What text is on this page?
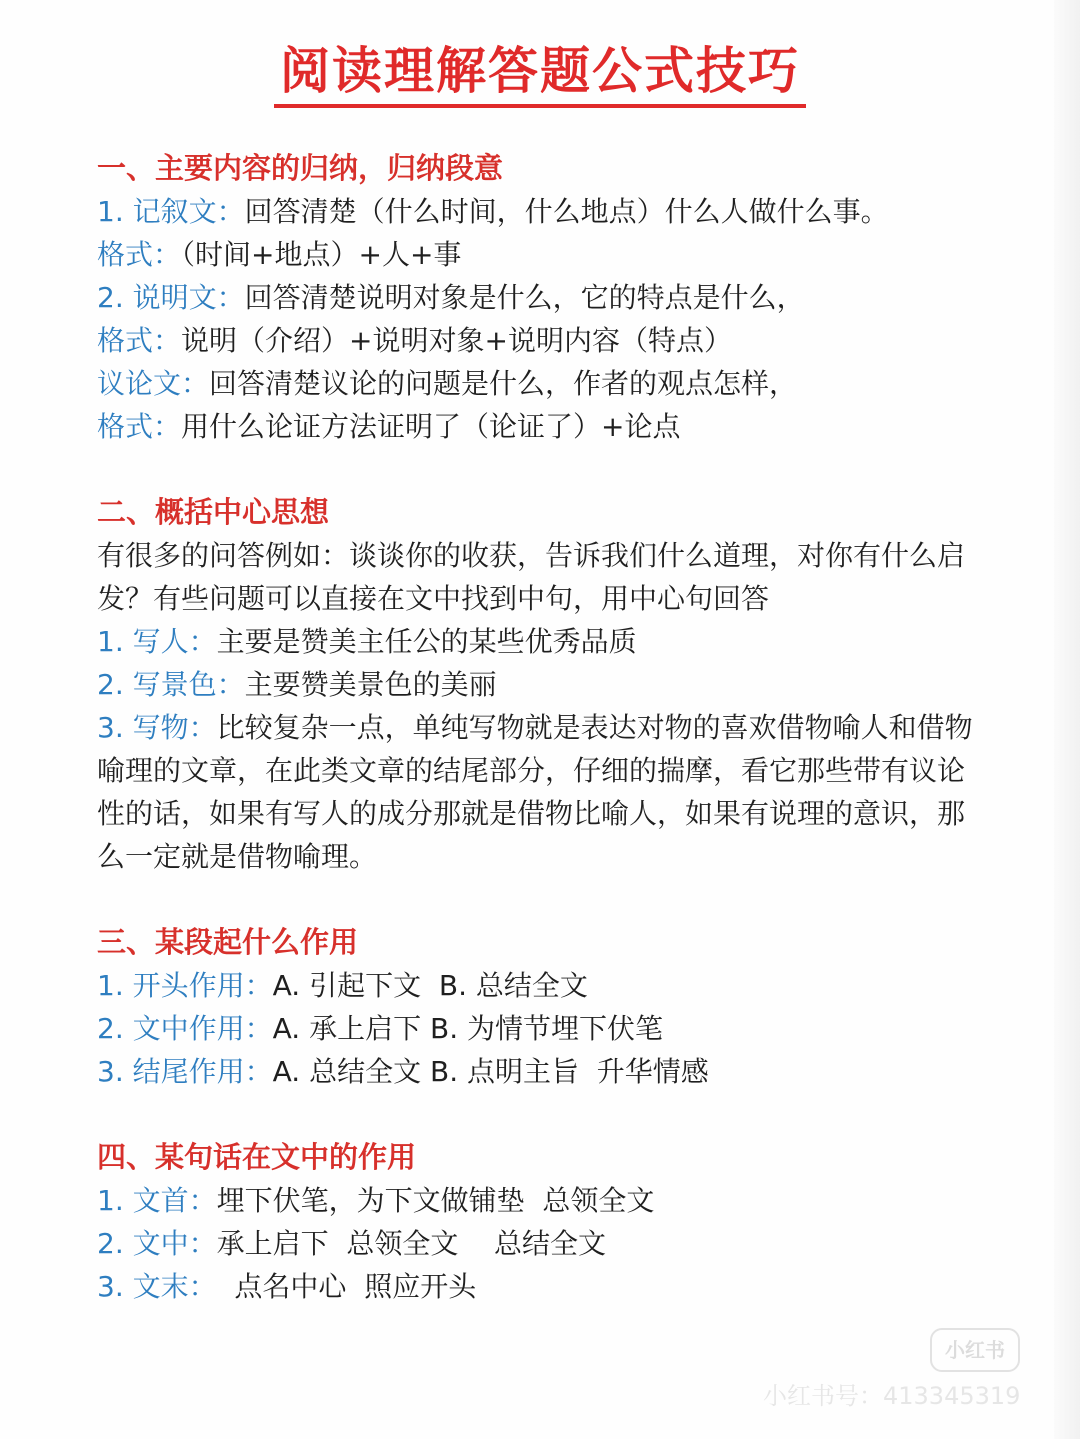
阅读理解答题公式技巧
一、主要内容的归纳，归纳段意
1. 记叙文：回答清楚（什么时间，什么地点）什么人做什么事。
格式：（时间+地点）+人+事
2. 说明文：回答清楚说明对象是什么，它的特点是什么，
格式：说明（介绍）+说明对象+说明内容（特点）
议论文：回答清楚议论的问题是什么，作者的观点怎样，
格式：用什么论证方法证明了（论证了）+论点
二、概括中心思想
有很多的问答例如：谈谈你的收获，告诉我们什么道理，对你有什么启发？有些问题可以直接在文中找到中句，用中心句回答
1. 写人：主要是赞美主任公的某些优秀品质
2. 写景色：主要赞美景色的美丽
3. 写物：比较复杂一点，单纯写物就是表达对物的喜欢借物喻人和借物喻理的文章，在此类文章的结尾部分，仔细的揣摩，看它那些带有议论性的话，如果有写人的成分那就是借物比喻人，如果有说理的意识，那么一定就是借物喻理。
三、某段起什么作用
1. 开头作用：A. 引起下文  B. 总结全文
2. 文中作用：A. 承上启下 B. 为情节埋下伏笔
3. 结尾作用：A. 总结全文 B. 点明主旨  升华情感
四、某句话在文中的作用
1. 文首：埋下伏笔，为下文做铺垫  总领全文
2. 文中：承上启下  总领全文    总结全文
3. 文末：  点名中心  照应开头
小红书
小红书号：413345319
